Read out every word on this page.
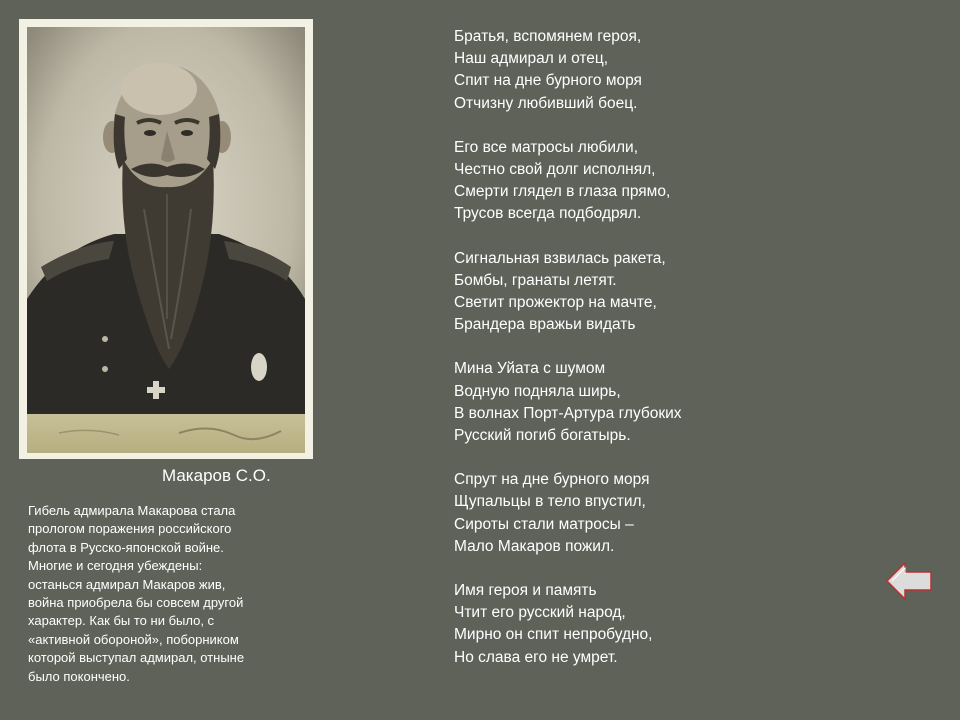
Макаров С.О.
Гибель адмирала Макарова стала
прологом поражения российского
флота в Русско-японской войне.
Многие и сегодня убеждены:
останься адмирал Макаров жив,
война приобрела бы совсем другой
характер. Как бы то ни было, с
«активной обороной», поборником
которой выступал адмирал, отныне
было покончено.
Братья, вспомянем героя,
Наш адмирал и отец,
Спит на дне бурного моря
Отчизну любивший боец.
Его все матросы любили,
Честно свой долг исполнял,
Смерти глядел в глаза прямо,
Трусов всегда подбодрял.
Сигнальная взвилась ракета,
Бомбы, гранаты летят.
Светит прожектор на мачте,
Брандера вражьи видать
Мина Уйата с шумом
Водную подняла ширь,
В волнах Порт-Артура глубоких
Русский погиб богатырь.
Спрут на дне бурного моря
Щупальцы в тело впустил,
Сироты стали матросы –
Мало Макаров пожил.
Имя героя и память
Чтит его русский народ,
Мирно он спит непробудно,
Но слава его не умрет.
